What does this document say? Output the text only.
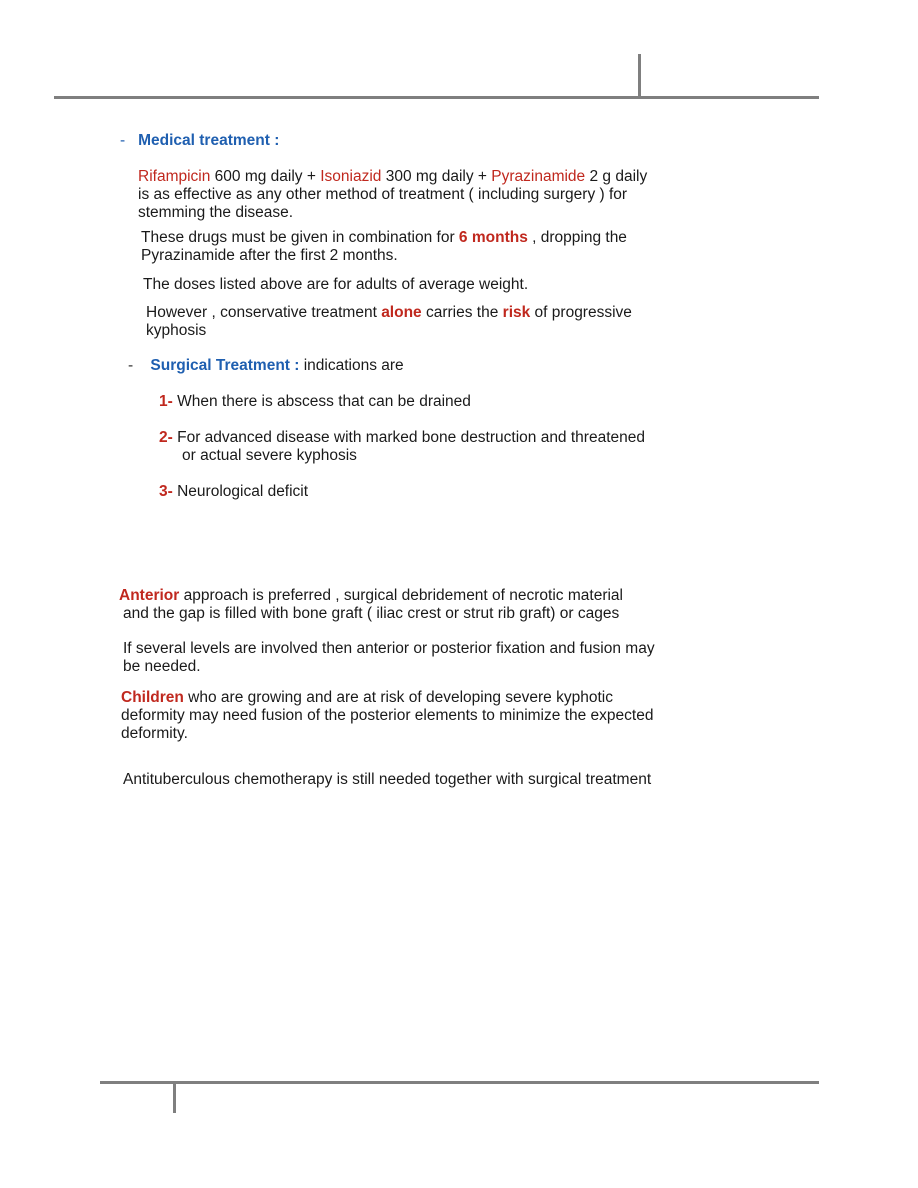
- Medical treatment :
Rifampicin 600 mg daily + Isoniazid 300 mg daily + Pyrazinamide 2 g daily
is as effective as any other method of treatment ( including surgery ) for
stemming the disease.
These drugs must be given in combination for 6 months , dropping the
Pyrazinamide after the first 2 months.
The doses listed above are for adults of average weight.
However , conservative treatment alone carries the risk of progressive
kyphosis
- Surgical Treatment : indications are
1- When there is abscess that can be drained
2- For advanced disease with marked bone destruction and threatened
or actual severe kyphosis
3- Neurological deficit
Anterior approach is preferred , surgical debridement of necrotic material
and the gap is filled with bone graft ( iliac crest or strut rib graft) or cages
If several levels are involved then anterior or posterior fixation and fusion may
be needed.
Children who are growing and are at risk of developing severe kyphotic
deformity may need fusion of the posterior elements to minimize the expected
deformity.
Antituberculous chemotherapy is still needed together with surgical treatment
